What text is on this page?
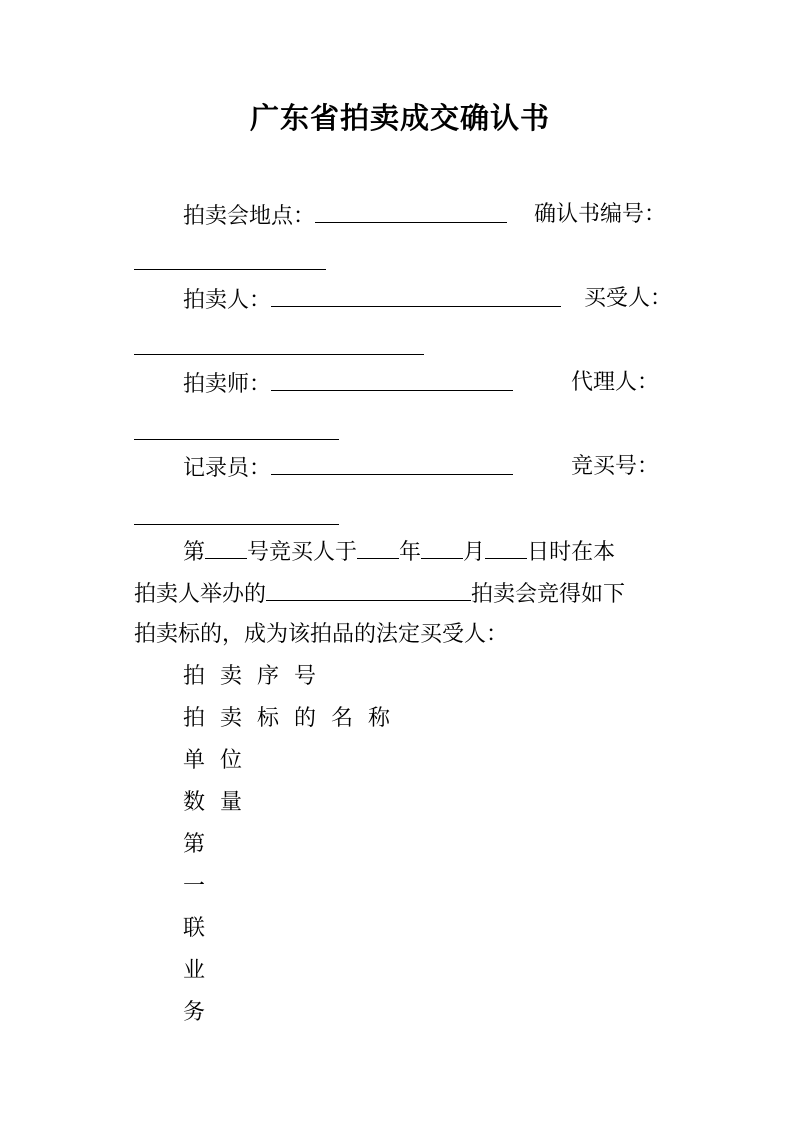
广东省拍卖成交确认书
拍卖会地点：	确认书编号：
拍卖人：	买受人：
拍卖师：	代理人：
记录员：	竞买号：
第 号竞买人于 年 月 日时在本
拍卖人举办的	拍卖会竞得如下
拍卖标的，成为该拍品的法定买受人：
拍卖序号
拍卖标的名称
单位
数量
第
一
联
业
务
